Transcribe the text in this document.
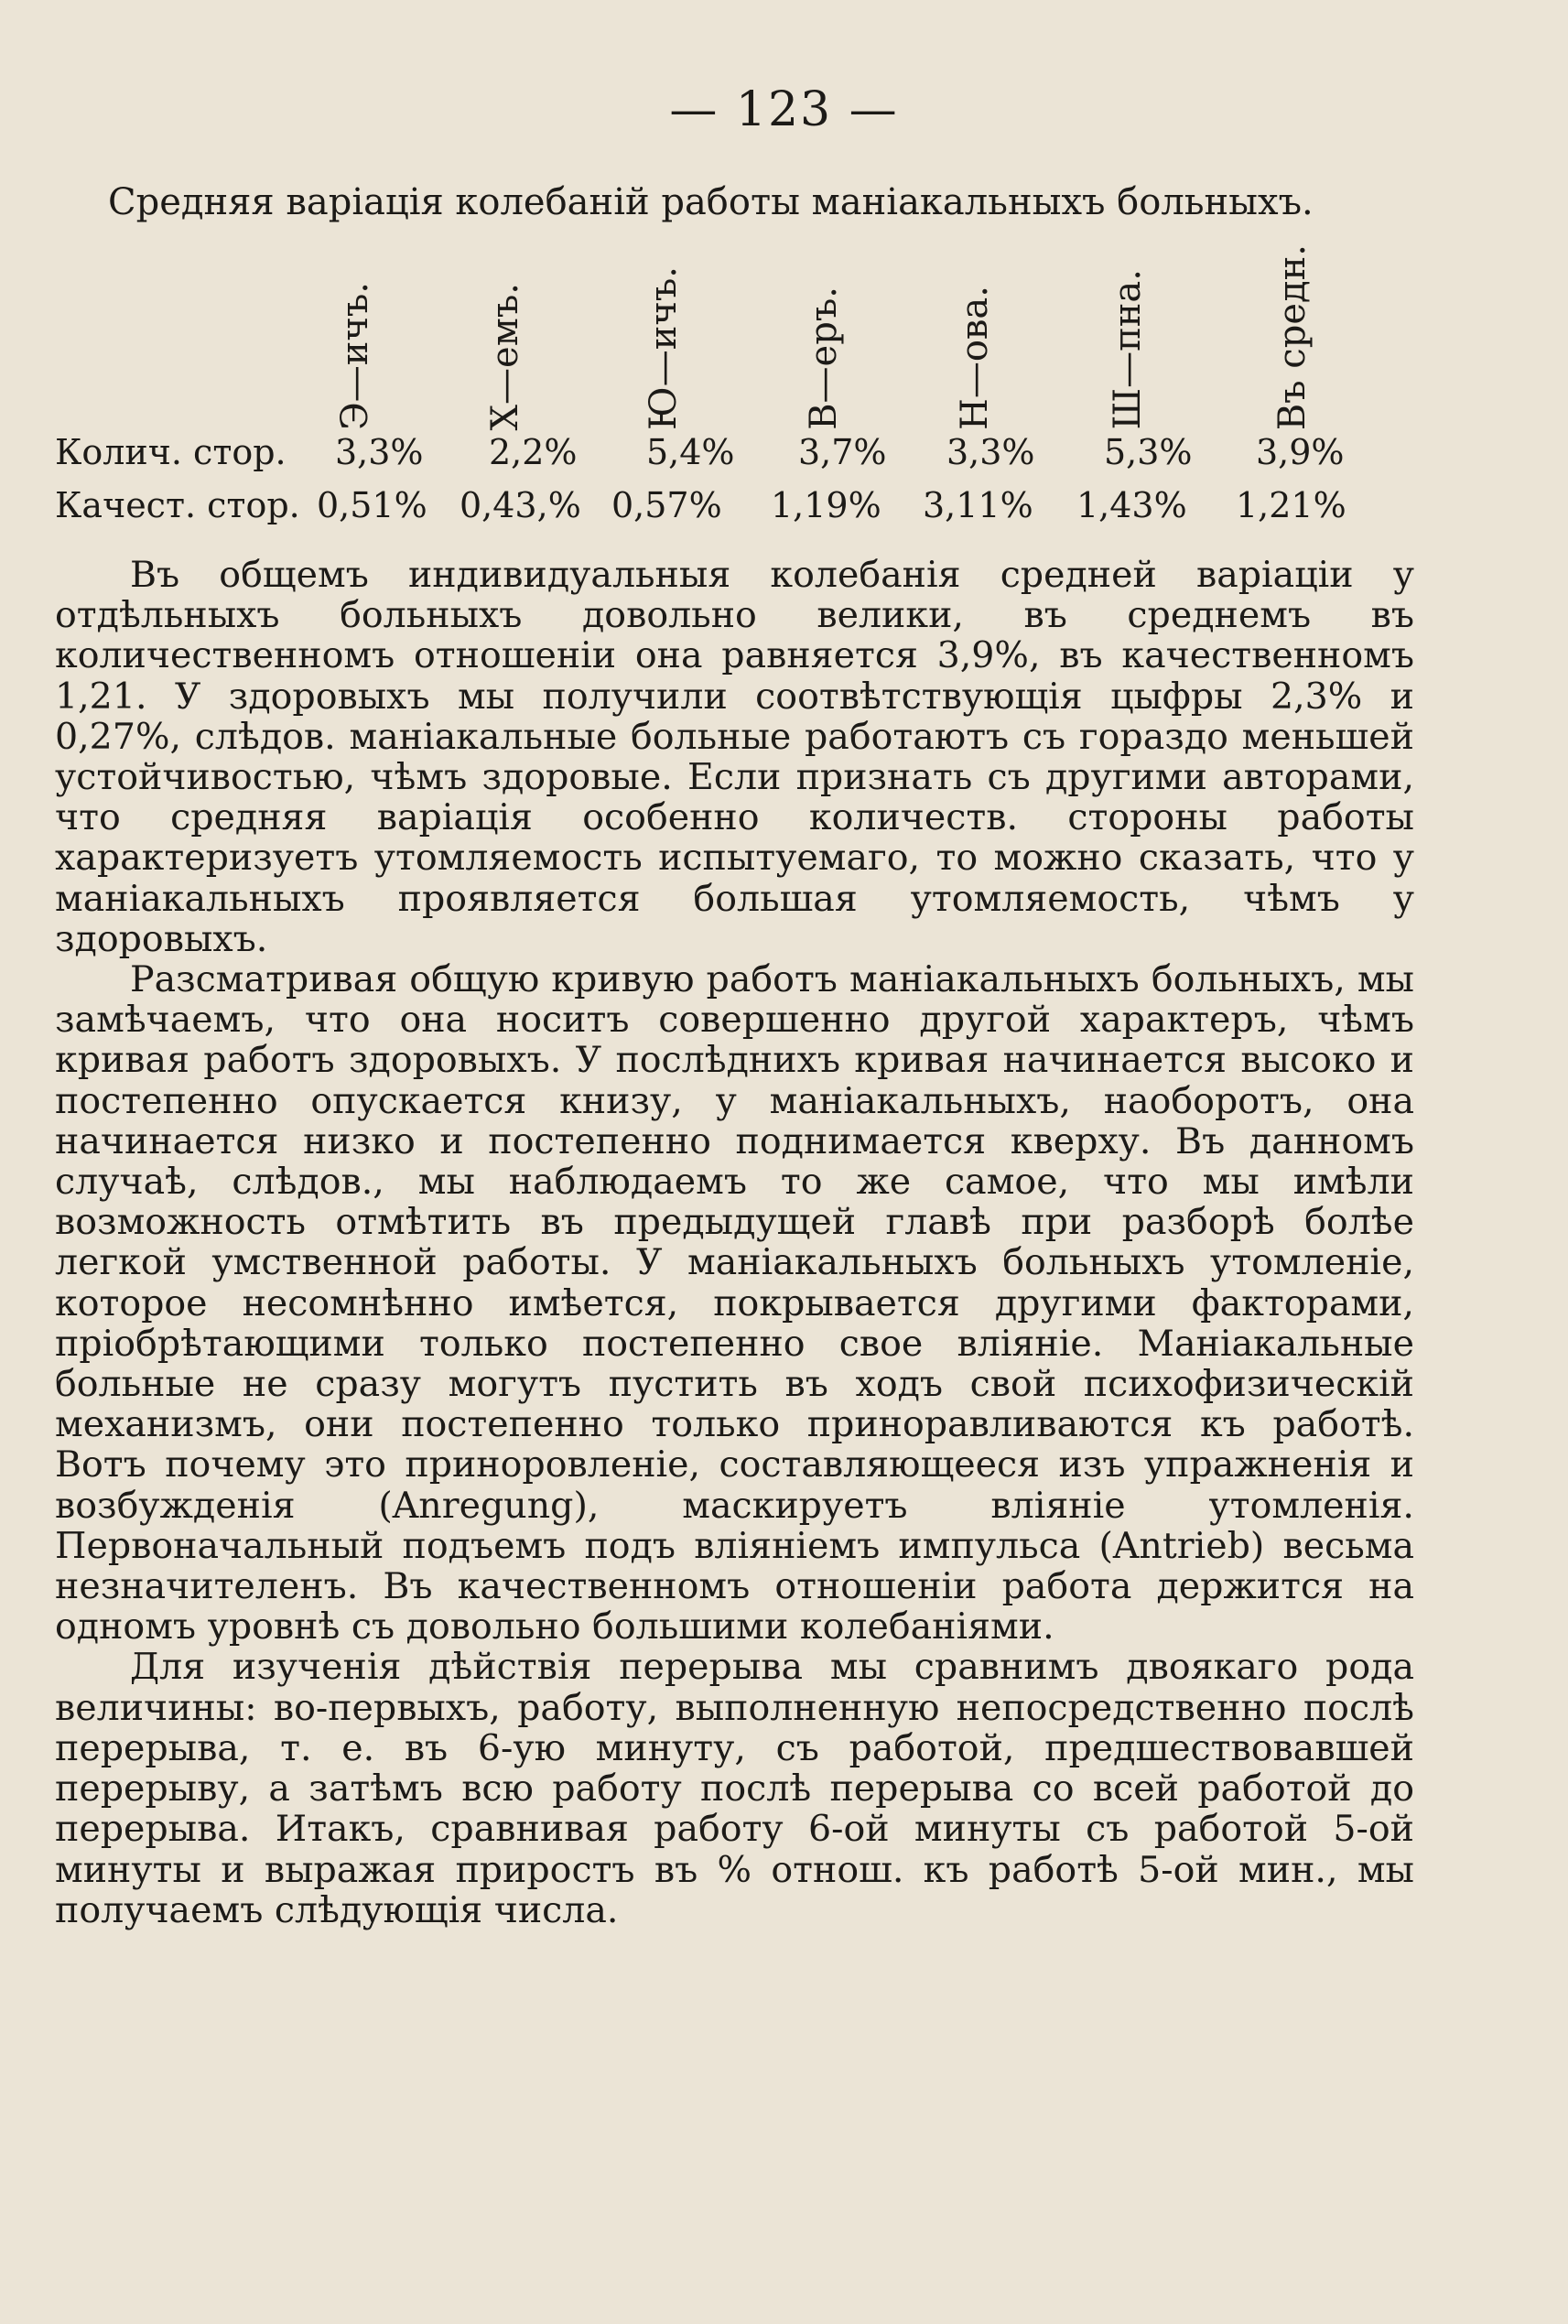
— 123 —
Средняя варiацiя колебанiй работы манiакальныхъ больныхъ.
Э—ичъ.	Х—емъ.	Ю—ичъ.	В—еръ.	Н—ова.	Ш—пна.	Въ средн.
Колич. стор. 3,3% 2,2% 5,4% 3,7% 3,3% 5,3% 3,9%
Качест. стор. 0,51% 0,43,% 0,57% 1,19% 3,11% 1,43% 1,21%

Въ общемъ индивидуальныя колебанiя средней варiацiи у отдѣльныхъ больныхъ довольно велики, въ среднемъ въ количественномъ отношенiи она равняется 3,9%, въ качественномъ 1,21. У здоровыхъ мы получили соотвѣтствующiя цыфры 2,3% и 0,27%, слѣдов. манiакальные больные работаютъ съ гораздо меньшей устойчивостью, чѣмъ здоровые. Если признать съ другими авторами, что средняя варiацiя особенно количеств. стороны работы характеризуетъ утомляемость испытуемаго, то можно сказать, что у манiакальныхъ проявляется большая утомляемость, чѣмъ у здоровыхъ.

Разсматривая общую кривую работъ манiакальныхъ больныхъ, мы замѣчаемъ, что она носитъ совершенно другой характеръ, чѣмъ кривая работъ здоровыхъ. У послѣднихъ кривая начинается высоко и постепенно опускается книзу, у манiакальныхъ, наоборотъ, она начинается низко и постепенно поднимается кверху. Въ данномъ случаѣ, слѣдов., мы наблюдаемъ то же самое, что мы имѣли возможность отмѣтить въ предыдущей главѣ при разборѣ болѣе легкой умственной работы. У манiакальныхъ больныхъ утомленiе, которое несомнѣнно имѣется, покрывается другими факторами, прiобрѣтающими только постепенно свое влiянiе. Манiакальные больные не сразу могутъ пустить въ ходъ свой психофизическiй механизмъ, они постепенно только приноравливаются къ работѣ. Вотъ почему это приноровленiе, составляющееся изъ упражненiя и возбужденiя (Anregung), маскируетъ влiянiе утомленiя. Первоначальный подъемъ подъ влiянiемъ импульса (Antrieb) весьма незначителенъ. Въ качественномъ отношенiи работа держится на одномъ уровнѣ съ довольно большими колебанiями.

Для изученiя дѣйствiя перерыва мы сравнимъ двоякаго рода величины: во-первыхъ, работу, выполненную непосредственно послѣ перерыва, т. е. въ 6-ую минуту, съ работой, предшествовавшей перерыву, а затѣмъ всю работу послѣ перерыва со всей работой до перерыва. Итакъ, сравнивая работу 6-ой минуты съ работой 5-ой минуты и выражая приростъ въ % отнош. къ работѣ 5-ой мин., мы получаемъ слѣдующiя числа.
